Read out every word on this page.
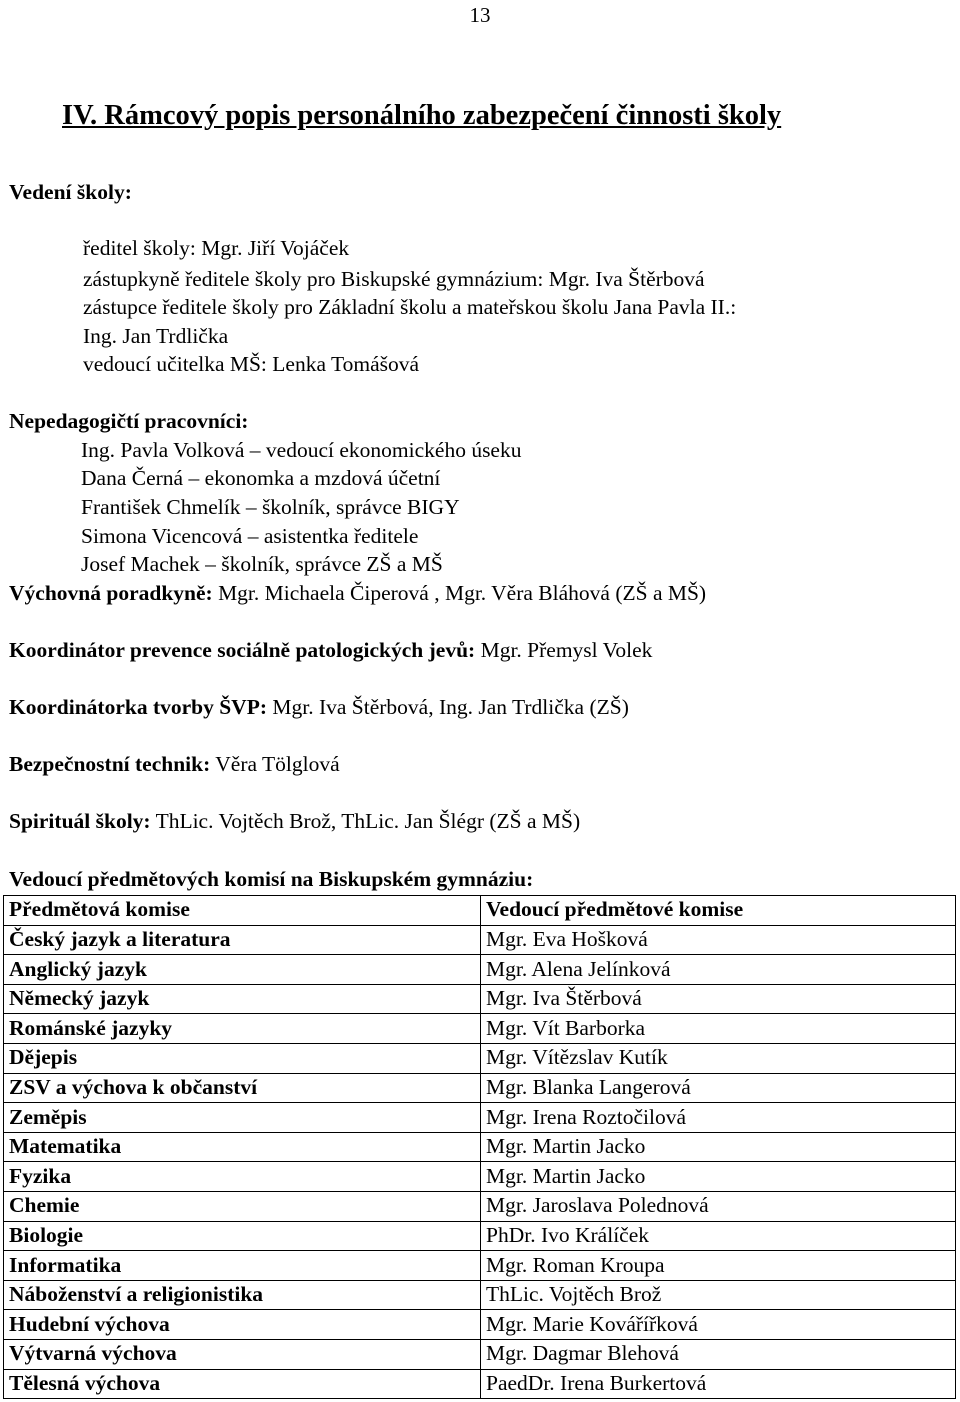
13
IV. Rámcový popis personálního zabezpečení činnosti školy
Vedení školy:
ředitel školy: Mgr. Jiří Vojáček
zástupkyně ředitele školy pro Biskupské gymnázium: Mgr. Iva Štěrbová
zástupce ředitele školy pro Základní školu a mateřskou školu Jana Pavla II.:
Ing. Jan Trdlička
vedoucí učitelka MŠ: Lenka Tomášová
Nepedagogičtí pracovníci:
Ing. Pavla Volková – vedoucí ekonomického úseku
Dana Černá – ekonomka a mzdová účetní
František Chmelík – školník, správce BIGY
Simona Vicencová – asistentka ředitele
Josef Machek – školník, správce ZŠ a MŠ
Výchovná poradkyně: Mgr. Michaela Čiperová , Mgr. Věra Bláhová (ZŠ a MŠ)
Koordinátor prevence sociálně patologických jevů: Mgr. Přemysl Volek
Koordinátorka tvorby ŠVP: Mgr. Iva Štěrbová, Ing. Jan Trdlička (ZŠ)
Bezpečnostní technik: Věra Tölglová
Spirituál školy: ThLic. Vojtěch Brož, ThLic. Jan Šlégr (ZŠ a MŠ)
Vedoucí předmětových komisí na Biskupském gymnáziu:
Předmětová komise	Vedoucí předmětové komise
Český jazyk a literatura	Mgr. Eva Hošková
Anglický jazyk	Mgr. Alena Jelínková
Německý jazyk	Mgr. Iva Štěrbová
Románské jazyky	Mgr. Vít Barborka
Dějepis	Mgr. Vítězslav Kutík
ZSV a výchova k občanství	Mgr. Blanka Langerová
Zeměpis	Mgr. Irena Roztočilová
Matematika	Mgr. Martin Jacko
Fyzika	Mgr. Martin Jacko
Chemie	Mgr. Jaroslava Polednová
Biologie	PhDr. Ivo Králíček
Informatika	Mgr. Roman Kroupa
Náboženství a religionistika	ThLic. Vojtěch Brož
Hudební výchova	Mgr. Marie Kovářířková
Výtvarná výchova	Mgr. Dagmar Blehová
Tělesná výchova	PaedDr. Irena Burkertová
